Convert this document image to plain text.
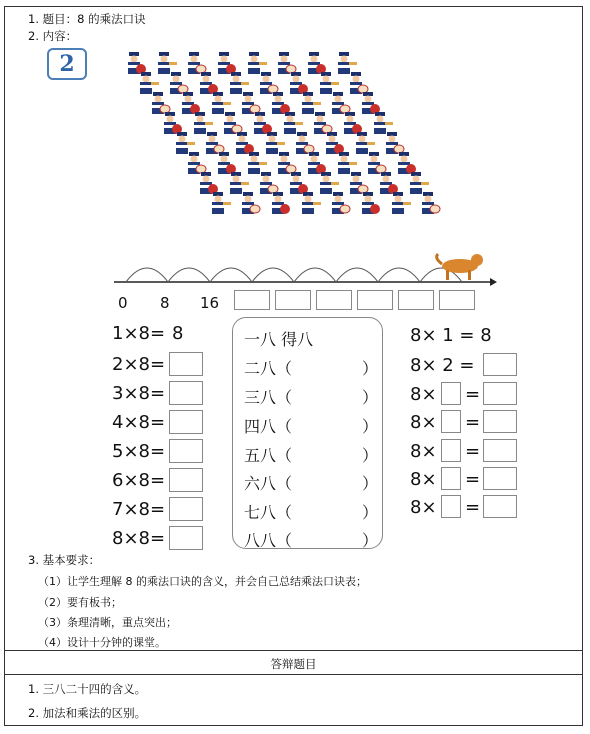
1. 题目：8 的乘法口诀
2. 内容：
2
0 8 16
1×8= 8
2×8=
3×8=
4×8=
5×8=
6×8=
7×8=
8×8=
一八 得八
二八（	）
三八（	）
四八（	）
五八（	）
六八（	）
七八（	）
八八（	）
8× 1 = 8
8× 2 =
8× =
8× =
8× =
8× =
8× =
3. 基本要求：
（1）让学生理解 8 的乘法口诀的含义，并会自己总结乘法口诀表；
（2）要有板书；
（3）条理清晰，重点突出；
（4）设计十分钟的课堂。
答辩题目
1. 三八二十四的含义。
2. 加法和乘法的区别。
